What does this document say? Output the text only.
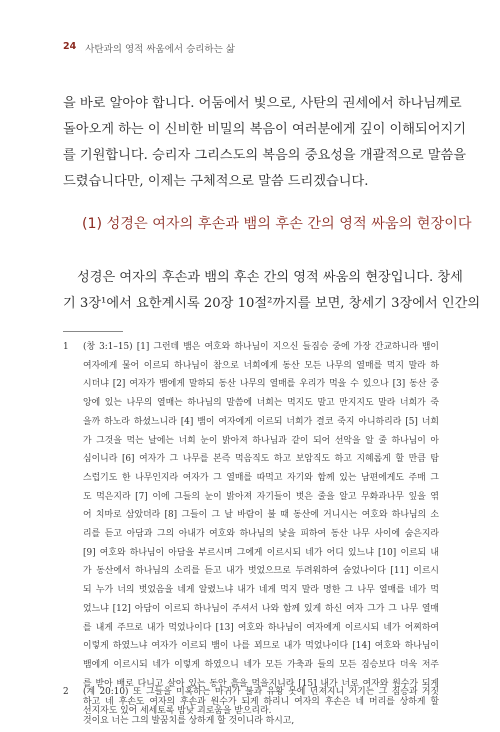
24 사탄과의 영적 싸움에서 승리하는 삶

을 바로 알아야 합니다. 어둠에서 빛으로, 사탄의 권세에서 하나님께로
돌아오게 하는 이 신비한 비밀의 복음이 여러분에게 깊이 이해되어지기
를 기원합니다. 승리자 그리스도의 복음의 중요성을 개괄적으로 말씀을
드렸습니다만, 이제는 구체적으로 말씀 드리겠습니다.

(1) 성경은 여자의 후손과 뱀의 후손 간의 영적 싸움의 현장이다

성경은 여자의 후손과 뱀의 후손 간의 영적 싸움의 현장입니다. 창세
기 3장¹에서 요한계시록 20장 10절²까지를 보면, 창세기 3장에서 인간의

1	(창 3:1–15) [1] 그런데 뱀은 여호와 하나님이 지으신 들짐승 중에 가장 간교하니라 뱀이
여자에게 물어 이르되 하나님이 참으로 너희에게 동산 모든 나무의 열매를 먹지 말라 하
시더냐 [2] 여자가 뱀에게 말하되 동산 나무의 열매를 우리가 먹을 수 있으나 [3] 동산 중
앙에 있는 나무의 열매는 하나님의 말씀에 너희는 먹지도 말고 만지지도 말라 너희가 죽
을까 하노라 하셨느니라 [4] 뱀이 여자에게 이르되 너희가 결코 죽지 아니하리라 [5] 너희
가 그것을 먹는 날에는 너희 눈이 밝아져 하나님과 같이 되어 선악을 알 줄 하나님이 아
심이니라 [6] 여자가 그 나무를 본즉 먹음직도 하고 보암직도 하고 지혜롭게 할 만큼 탐
스럽기도 한 나무인지라 여자가 그 열매를 따먹고 자기와 함께 있는 남편에게도 주매 그
도 먹은지라 [7] 이에 그들의 눈이 밝아져 자기들이 벗은 줄을 알고 무화과나무 잎을 엮
어 치마로 삼았더라 [8] 그들이 그 날 바람이 불 때 동산에 거니시는 여호와 하나님의 소
리를 듣고 아담과 그의 아내가 여호와 하나님의 낯을 피하여 동산 나무 사이에 숨은지라
[9] 여호와 하나님이 아담을 부르시며 그에게 이르시되 네가 어디 있느냐 [10] 이르되 내
가 동산에서 하나님의 소리를 듣고 내가 벗었으므로 두려워하여 숨었나이다 [11] 이르시
되 누가 너의 벗었음을 네게 알렸느냐 내가 네게 먹지 말라 명한 그 나무 열매를 네가 먹
었느냐 [12] 아담이 이르되 하나님이 주셔서 나와 함께 있게 하신 여자 그가 그 나무 열매
를 내게 주므로 내가 먹었나이다 [13] 여호와 하나님이 여자에게 이르시되 네가 어찌하여
이렇게 하였느냐 여자가 이르되 뱀이 나를 꾀므로 내가 먹었나이다 [14] 여호와 하나님이
뱀에게 이르시되 네가 이렇게 하였으니 네가 모든 가축과 들의 모든 짐승보다 더욱 저주
를 받아 배로 다니고 살아 있는 동안 흙을 먹을지니라 [15] 내가 너로 여자와 원수가 되게
하고 네 후손도 여자의 후손과 원수가 되게 하리니 여자의 후손은 네 머리를 상하게 할
것이요 너는 그의 발꿈치를 상하게 할 것이니라 하시고,
2	(계 20:10) 또 그들을 미혹하는 마귀가 불과 유황 못에 던져지니 거기는 그 짐승과 거짓
선지자도 있어 세세토록 밤낮 괴로움을 받으리라.
